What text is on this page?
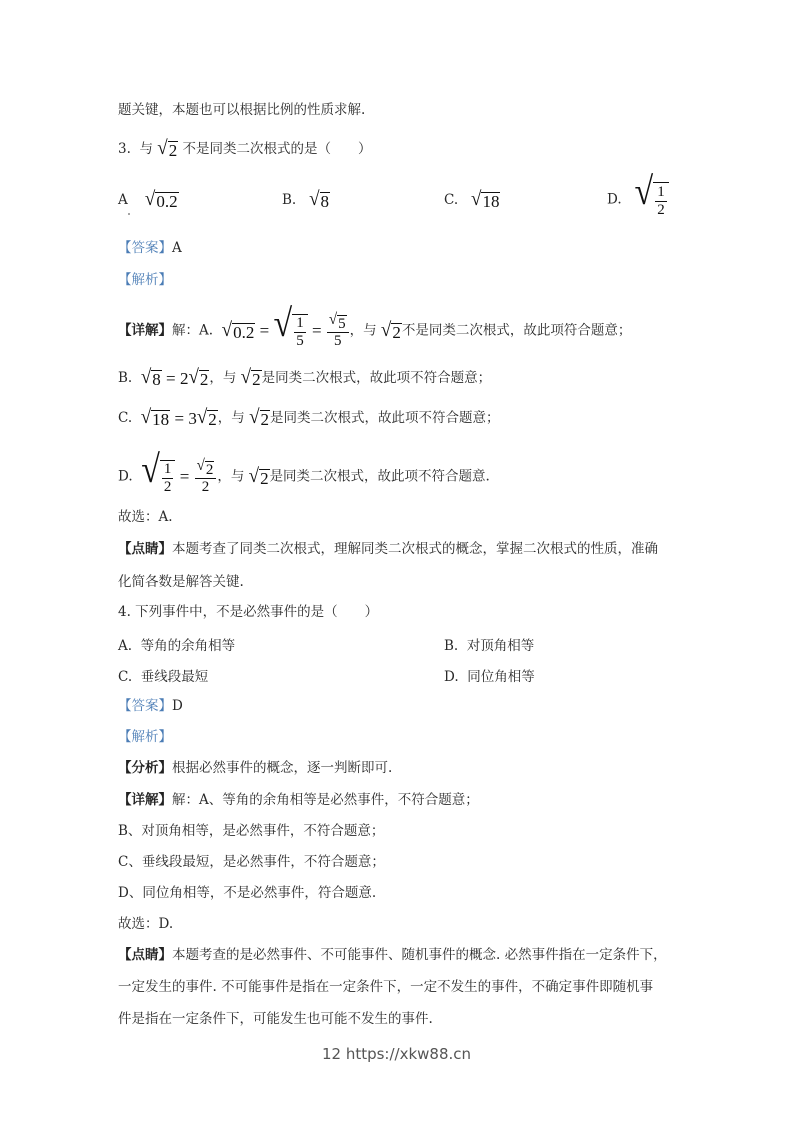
题关键，本题也可以根据比例的性质求解.
3. 与 √ 2 不是同类二次根式的是（　　）
A √ 0.2	B. √ 8	C. √ 18	D. √ $\frac{1}{2}$
【答案】A
【解析】
【详解】解：A. √ 0.2 = √ $\frac{1}{5} = \frac{√ 5}{5}$ ，与 √ 2 不是同类二次根式，故此项符合题意；
B. √ 8 = 2 √ 2 ，与 √ 2 是同类二次根式，故此项不符合题意；
C. √ 18 = 3 √ 2 ，与 √ 2 是同类二次根式，故此项不符合题意；
D. √ $\frac{1}{2} = \frac{√ 2}{2}$ ，与 √ 2 是同类二次根式，故此项不符合题意.
故选：A.
【点睛】本题考查了同类二次根式，理解同类二次根式的概念，掌握二次根式的性质，准确
化简各数是解答关键.
4. 下列事件中，不是必然事件的是（　　）
A. 等角的余角相等	B. 对顶角相等
C. 垂线段最短	D. 同位角相等
【答案】D
【解析】
【分析】根据必然事件的概念，逐一判断即可.
【详解】解：A、等角的余角相等是必然事件，不符合题意；
B、对顶角相等，是必然事件，不符合题意；
C、垂线段最短，是必然事件，不符合题意；
D、同位角相等，不是必然事件，符合题意.
故选：D.
【点睛】本题考查的是必然事件、不可能事件、随机事件的概念. 必然事件指在一定条件下，
一定发生的事件. 不可能事件是指在一定条件下，一定不发生的事件，不确定事件即随机事
件是指在一定条件下，可能发生也可能不发生的事件.
12 https://xkw88.cn
